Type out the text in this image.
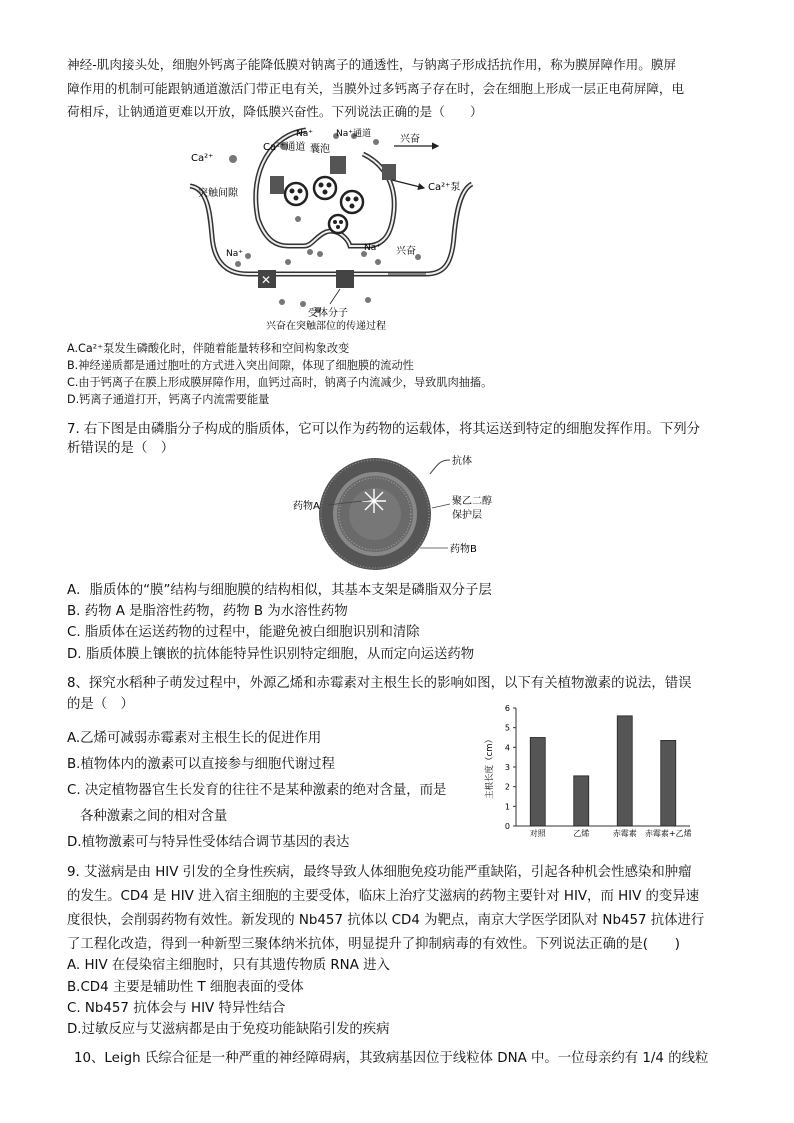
神经-肌肉接头处，细胞外钙离子能降低膜对钠离子的通透性，与钠离子形成括抗作用，称为膜屏障作用。膜屏
障作用的机制可能跟钠通道激活门带正电有关，当膜外过多钙离子存在时，会在细胞上形成一层正电荷屏障，电
荷相斥，让钠通道更难以开放，降低膜兴奋性。下列说法正确的是（　　）
✕
Ca²⁺
Na⁺	Na⁺通道	兴奋
Ca²⁺通道 囊泡
Ca²⁺泵
突触间隙
Na⁺
Na⁺ 兴奋
受体分子
兴奋在突触部位的传递过程
A.Ca²⁺泵发生磷酸化时，伴随着能量转移和空间构象改变
B.神经递质都是通过胞吐的方式进入突出间隙，体现了细胞膜的流动性
C.由于钙离子在膜上形成膜屏障作用，血钙过高时，钠离子内流减少，导致肌肉抽搐。
D.钙离子通道打开，钙离子内流需要能量
7. 右下图是由磷脂分子构成的脂质体，它可以作为药物的运载体，将其运送到特定的细胞发挥作用。下列分
析错误的是（　）
抗体
药物A	聚乙二醇
保护层
药物B
A．脂质体的“膜”结构与细胞膜的结构相似，其基本支架是磷脂双分子层
B. 药物 A 是脂溶性药物，药物 B 为水溶性药物
C. 脂质体在运送药物的过程中，能避免被白细胞识别和清除
D. 脂质体膜上镶嵌的抗体能特异性识别特定细胞，从而定向运送药物
8、探究水稻种子萌发过程中，外源乙烯和赤霉素对主根生长的影响如图，以下有关植物激素的说法，错误
的是（　）
A.乙烯可减弱赤霉素对主根生长的促进作用
B.植物体内的激素可以直接参与细胞代谢过程
C. 决定植物器官生长发育的往往不是某种激素的绝对含量，而是
各种激素之间的相对含量
D.植物激素可与特异性受体结合调节基因的表达
主根长度（cm）
0
1
2
3
4
5
6
对照	乙烯	赤霉素 赤霉素+乙烯
9. 艾滋病是由 HIV 引发的全身性疾病，最终导致人体细胞免疫功能严重缺陷，引起各种机会性感染和肿瘤
的发生。CD4 是 HIV 进入宿主细胞的主要受体，临床上治疗艾滋病的药物主要针对 HIV，而 HIV 的变异速
度很快，会削弱药物有效性。新发现的 Nb457 抗体以 CD4 为靶点，南京大学医学团队对 Nb457 抗体进行
了工程化改造，得到一种新型三聚体纳米抗体，明显提升了抑制病毒的有效性。下列说法正确的是(　　)
A. HIV 在侵染宿主细胞时，只有其遗传物质 RNA 进入
B.CD4 主要是辅助性 T 细胞表面的受体
C. Nb457 抗体会与 HIV 特异性结合
D.过敏反应与艾滋病都是由于免疫功能缺陷引发的疾病
10、Leigh 氏综合征是一种严重的神经障碍病，其致病基因位于线粒体 DNA 中。一位母亲约有 1/4 的线粒
